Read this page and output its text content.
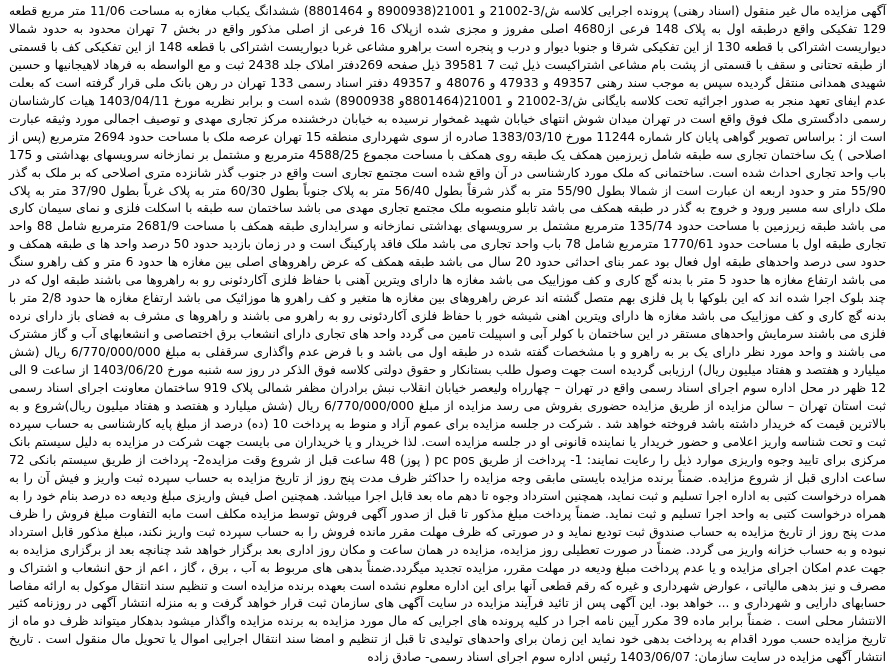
آگهی مزایده مال غیر منقول (اسناد رهنی) پرونده اجرایی کلاسه ش/3-21002 و 21001(8900938 و 8801464) ششدانگ یکباب مغازه به مساحت 11/06 متر مربع قطعه 129 تفکیکی واقع درطبقه اول به پلاک 148 فرعی از4680 اصلی مفروز و مجزی شده ازپلاک 16 فرعی از اصلی مذکور واقع در بخش 7 تهران محدود به حدود شمالا دیواریست اشتراکی با قطعه 130 از این تفکیکی شرقا و جنوبا دیوار و درب و پنجره است براهرو مشاعی غربا دیواریست اشتراکی با قطعه 148 از این تفکیکی کف با قسمتی از طبقه تحتانی و سقف با قسمتی از پشت بام مشاعی اشتراکیست ذیل ثبت 7 39581 ذیل صفحه 269دفتر املاک جلد 2438 ثبت و مع الواسطه به فرهاد لاهیجانیها و حسین شهیدی همدانی منتقل گردیده سپس به موجب سند رهنی 49357 و 47933 و 48076 و 49357 دفتر اسناد رسمی 133 تهران در رهن بانک ملی قرار گرفته است که بعلت عدم ایفای تعهد منجر به صدور اجرائیه تحت کلاسه بایگانی ش/3-21002 و 21001(8801464و 8900938) شده است و برابر نظریه مورخ 1403/04/11 هیات کارشناسان رسمی دادگستری ملک فوق واقع است در تهران میدان شوش انتهای خیابان شهید غمخوار نرسیده به خیابان درخشنده مرکز تجاری مهدی و توصیف اجمالی مورد وثیقه عبارت است از : براساس تصویر گواهی پایان کار شماره 11244 مورخ 1383/03/10 صادره از سوی شهرداری منطقه 15 تهران عرصه ملک با مساحت حدود 2694 مترمربع (پس از اصلاحی ) یک ساختمان تجاری سه طبقه شامل زیرزمین همکف یک طبقه روی همکف با مساحت مجموع 4588/25 مترمربع و مشتمل بر نمازخانه سرویسهای بهداشتی و 175 باب واحد تجاری احداث شده است. ساختمانی که ملک مورد کارشناسی در آن واقع شده است مجتمع تجاری است واقع در جنوب گذر شانزده متری اصلاحی که بر ملک به گذر 55/90 متر و حدود اربعه ان عبارت است از شمالا بطول 55/90 متر به گذر شرقاً بطول 56/40 متر به پلاک جنوباً بطول 60/30 متر به پلاک غرباً بطول 37/90 متر به پلاک ملک دارای سه مسیر ورود و خروج به گذر در طبقه همکف می باشد تابلو منصوبه ملک مجتمع تجاری مهدی می باشد ساختمان سه طبقه با اسکلت فلزی و نمای سیمان کاری می باشد طبقه زیرزمین با مساحت حدود 135/74 مترمربع مشتمل بر سرویسهای بهداشتی نمازخانه و سرایداری طبقه همکف با مساحت 2681/9 مترمربع شامل 88 واحد تجاری طبقه اول با مساحت حدود 1770/61 مترمربع شامل 78 باب واحد تجاری می باشد ملک فاقد پارکینگ است و در زمان بازدید حدود 50 درصد واحد ها ی طبقه همکف و حدود سی درصد واحدهای طبقه اول فعال بود عمر بنای احداثی حدود 20 سال می باشد طبقه همکف که عرض راهروهای اصلی بین مغازه ها حدود 6 متر و کف راهرو سنگ می باشد ارتفاع مغازه ها حدود 5 متر با بدنه گچ کاری و کف موزاییک می باشد مغازه ها دارای ویترین آهنی با حفاظ فلزی آکاردئونی رو به راهروها می باشند طبقه اول که در چند بلوک اجرا شده اند که این بلوکها با پل فلزی بهم متصل گشته اند عرض راهروهای بین مغازه ها متغیر و کف راهرو ها موزائیک می باشد ارتفاع مغازه ها حدود 2/8 متر با بدنه گچ کاری و کف موزاییک می باشد مغازه ها دارای ویترین اهنی شیشه خور با حفاظ فلزی آکاردئونی رو به راهرو می باشند و راهروها ی مشرف به فضای باز دارای نرده فلزی می باشند سرمایش واحدهای مستقر در این ساختمان با کولر آبی و اسپیلت تامین می گردد واحد های تجاری دارای انشعاب برق اختصاصی و انشعابهای آب و گاز مشترک می باشند و واحد مورد نظر دارای یک بر به راهرو و با مشخصات گفته شده در طبقه اول می باشد و با فرض عدم واگذاری سرقفلی به مبلغ 6/770/000/000 ریال (شش میلیارد و هفتصد و هفتاد میلیون ریال) ارزیابی گردیده است جهت وصول طلب بستانکار و حقوق دولتی کلاسه فوق الذکر در روز سه شنبه مورخ 1403/06/20 از ساعت 9 الی 12 ظهر در محل اداره سوم اجرای اسناد رسمی واقع در تهران – چهارراه ولیعصر خیابان انقلاب نبش برادران مظفر شمالی پلاک 919 ساختمان معاونت اجرای اسناد رسمی ثبت استان تهران – سالن مزایده از طریق مزایده حضوری بفروش می رسد مزایده از مبلغ 6/770/000/000 ریال (شش میلیارد و هفتصد و هفتاد میلیون ریال)شروع و به بالاترین قیمت که خریدار داشته باشد فروخته خواهد شد . شرکت در جلسه مزایده برای عموم آزاد و منوط به پرداخت 10 (ده) درصد از مبلغ پایه کارشناسی به حساب سپرده ثبت و تحت شناسه واریز اعلامی و حضور خریدار یا نماینده قانونی او در جلسه مزایده است. لذا خریدار و یا خریداران می بایست جهت شرکت در مزایده به دلیل سیستم بانک مرکزی برای تایید وجوه واریزی موارد ذیل را رعایت نمایند: 1- پرداخت از طریق pc pos ( پوز) 48 ساعت قبل از شروع وقت مزایده2- پرداخت از طریق سیستم بانکی 72 ساعت اداری قبل از شروع مزایده. ضمناً برنده مزایده بایستی مابقی وجه مزایده را حداکثر ظرف مدت پنج روز از تاریخ مزایده به حساب سپرده ثبت واریز و فیش آن را به همراه درخواست کتبی به اداره اجرا تسلیم و ثبت نماید، همچنین استرداد وجوه تا دهم ماه بعد قابل اجرا میباشد. همچنین اصل فیش واریزی مبلغ ودیعه ده درصد بنام خود را به همراه درخواست کتبی به واحد اجرا تسلیم و ثبت نماید. ضمناً پرداخت مبلغ مذکور تا قبل از صدور آگهی فروش توسط مزایده مکلف است مابه التفاوت مبلغ فروش را ظرف مدت پنج روز از تاریخ مزایده به حساب صندوق ثبت تودیع نماید و در صورتی که ظرف مهلت مقرر مانده فروش را به حساب سپرده ثبت واریز نکند، مبلغ مذکور قابل استرداد نبوده و به حساب خزانه واریز می گردد. ضمناً در صورت تعطیلی روز مزایده، مزایده در همان ساعت و مکان روز اداری بعد برگزار خواهد شد چنانچه بعد از برگزاری مزایده به جهت عدم امکان اجرای مزایده و یا عدم پرداخت مبلغ ودیعه در مهلت مقرر، مزایده تجدید میگردد.ضمناً بدهی های مربوط به آب ، برق ، گاز ، اعم از حق انشعاب و اشتراک و مصرف و نیز بدهی مالیاتی ، عوارض شهرداری و غیره که رقم قطعی آنها برای این اداره معلوم نشده است بعهده برنده مزایده است و تنظیم سند انتقال موکول به ارائه مفاصا حسابهای دارایی و شهرداری و ... خواهد بود. این آگهی پس از تائید فرآیند مزایده در سایت آگهی های سازمان ثبت قرار خواهد گرفت و به منزله انتشار آگهی در روزنامه کثیر الانتشار محلی است . ضمناً برابر ماده 39 مکرر آیین نامه اجرا در کلیه پرونده های اجرایی که مال مورد مزایده به برنده مزایده واگذار میشود بدهکار میتواند ظرف دو ماه از تاریخ مزایده حسب مورد اقدام به پرداخت بدهی خود نماید این زمان برای واحدهای تولیدی تا قبل از تنظیم و امضا سند انتقال اجرایی اموال یا تحویل مال منقول است . تاریخ انتشار آگهی مزایده در سایت سازمان: 1403/06/07 رئیس اداره سوم اجرای اسناد رسمی- صادق زاده
